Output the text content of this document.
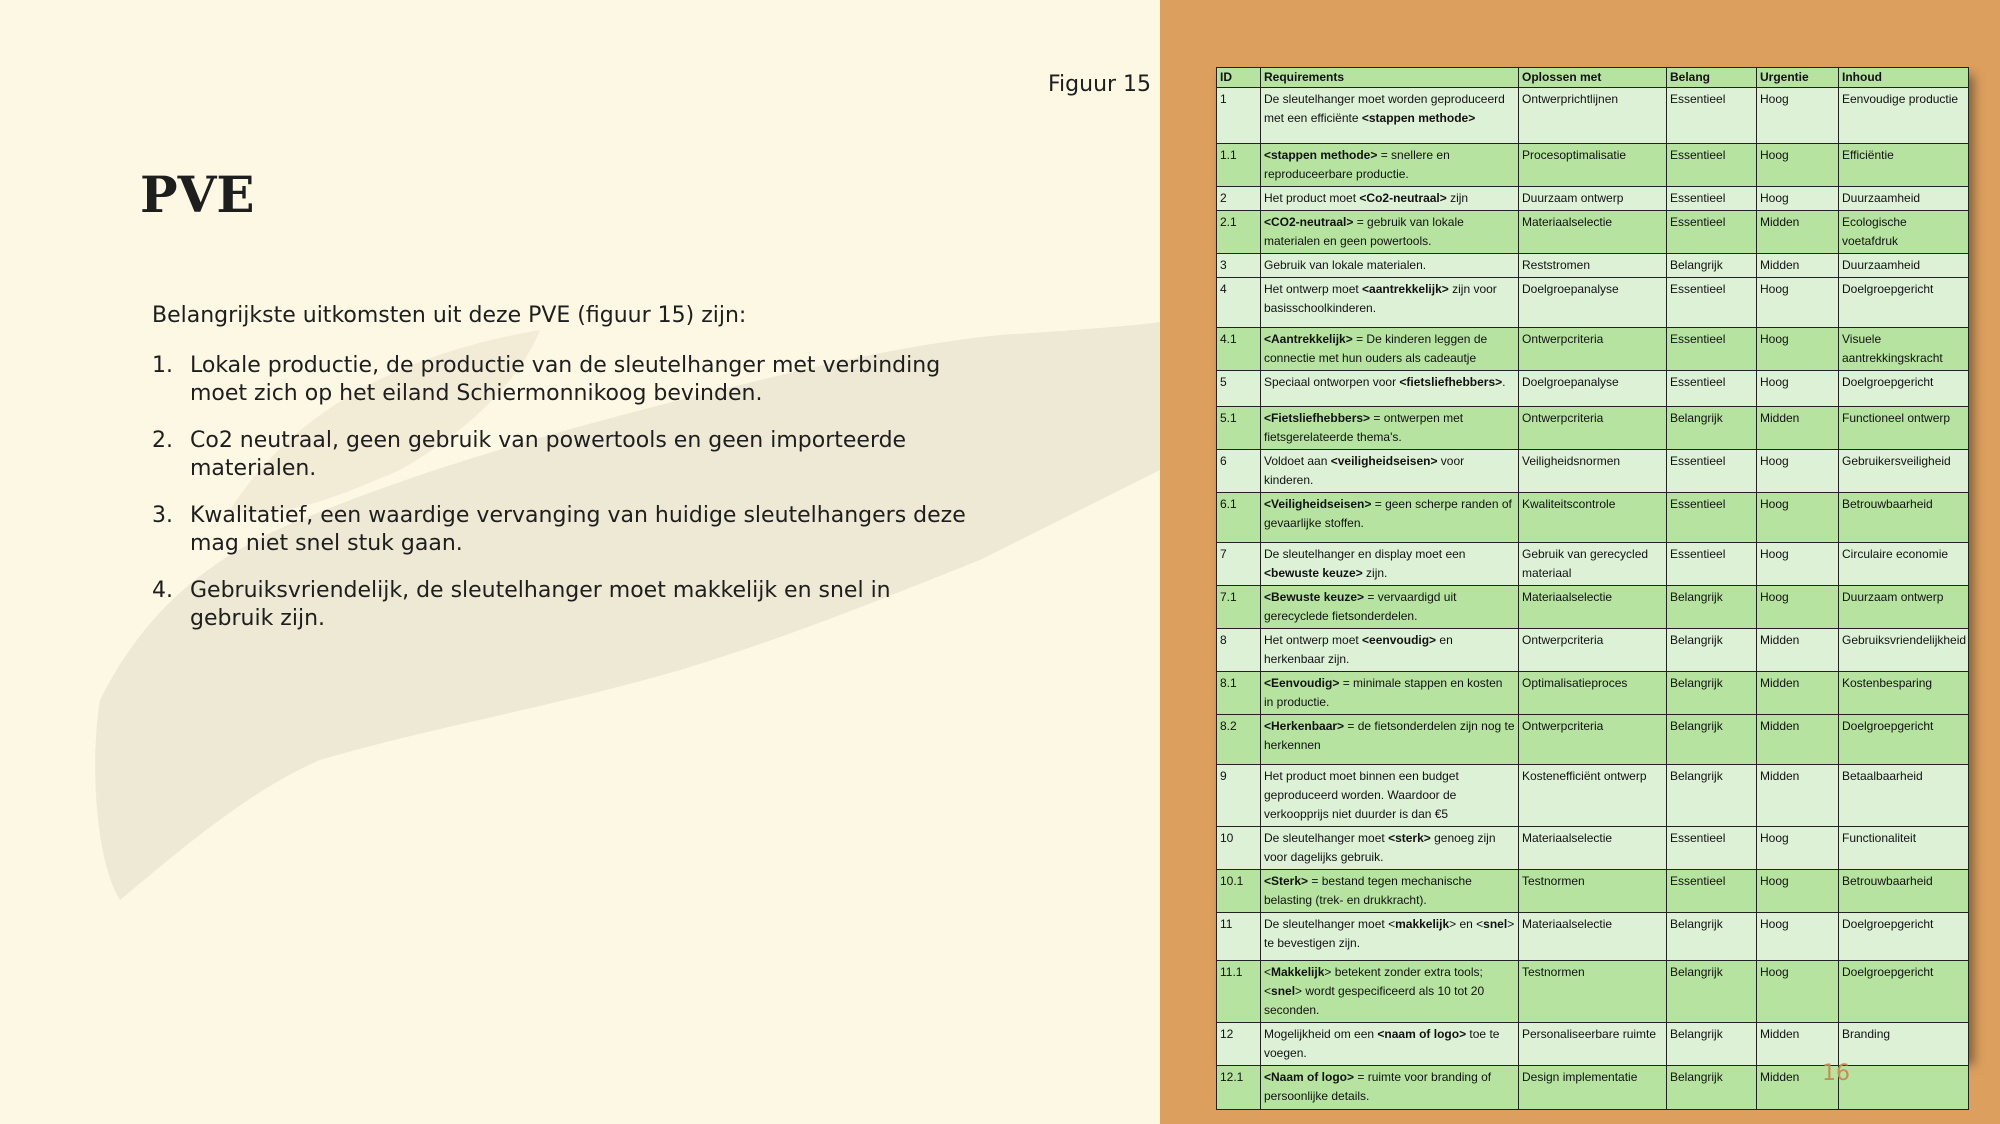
PVE

Belangrijkste uitkomsten uit deze PVE (figuur 15) zijn:

1. Lokale productie, de productie van de sleutelhanger met verbinding moet zich op het eiland Schiermonnikoog bevinden.
2. Co2 neutraal, geen gebruik van powertools en geen importeerde materialen.
3. Kwalitatief, een waardige vervanging van huidige sleutelhangers deze mag niet snel stuk gaan.
4. Gebruiksvriendelijk, de sleutelhanger moet makkelijk en snel in gebruik zijn.
Figuur 15	ID	Requirements	Oplossen met	Belang	Urgentie	Inhoud
1	De sleutelhanger moet worden geproduceerd met een efficiënte <stappen methode>	Ontwerprichtlijnen	Essentieel	Hoog	Eenvoudige productie
1.1	<stappen methode> = snellere en reproduceerbare productie.	Procesoptimalisatie	Essentieel	Hoog	Efficiëntie
2	Het product moet <Co2-neutraal> zijn	Duurzaam ontwerp	Essentieel	Hoog	Duurzaamheid
2.1	<CO2-neutraal> = gebruik van lokale materialen en geen powertools.	Materiaalselectie	Essentieel	Midden	Ecologische voetafdruk
3	Gebruik van lokale materialen.	Reststromen	Belangrijk	Midden	Duurzaamheid
4	Het ontwerp moet <aantrekkelijk> zijn voor basisschoolkinderen.	Doelgroepanalyse	Essentieel	Hoog	Doelgroepgericht
4.1	<Aantrekkelijk> = De kinderen leggen de connectie met hun ouders als cadeautje	Ontwerpcriteria	Essentieel	Hoog	Visuele aantrekkingskracht
5	Speciaal ontworpen voor <fietsliefhebbers>.	Doelgroepanalyse	Essentieel	Hoog	Doelgroepgericht
5.1	<Fietsliefhebbers> = ontwerpen met fietsgerelateerde thema's.	Ontwerpcriteria	Belangrijk	Midden	Functioneel ontwerp
6	Voldoet aan <veiligheidseisen> voor kinderen.	Veiligheidsnormen	Essentieel	Hoog	Gebruikersveiligheid
6.1	<Veiligheidseisen> = geen scherpe randen of gevaarlijke stoffen.	Kwaliteitscontrole	Essentieel	Hoog	Betrouwbaarheid
7	De sleutelhanger en display moet een <bewuste keuze> zijn.	Gebruik van gerecycled materiaal	Essentieel	Hoog	Circulaire economie
7.1	<Bewuste keuze> = vervaardigd uit gerecyclede fietsonderdelen.	Materiaalselectie	Belangrijk	Hoog	Duurzaam ontwerp
8	Het ontwerp moet <eenvoudig> en herkenbaar zijn.	Ontwerpcriteria	Belangrijk	Midden	Gebruiksvriendelijkheid
8.1	<Eenvoudig> = minimale stappen en kosten in productie.	Optimalisatieproces	Belangrijk	Midden	Kostenbesparing
8.2	<Herkenbaar> = de fietsonderdelen zijn nog te herkennen	Ontwerpcriteria	Belangrijk	Midden	Doelgroepgericht
9	Het product moet binnen een budget geproduceerd worden. Waardoor de verkoopprijs niet duurder is dan €5	Kostenefficiënt ontwerp	Belangrijk	Midden	Betaalbaarheid
10	De sleutelhanger moet <sterk> genoeg zijn voor dagelijks gebruik.	Materiaalselectie	Essentieel	Hoog	Functionaliteit
10.1	<Sterk> = bestand tegen mechanische belasting (trek- en drukkracht).	Testnormen	Essentieel	Hoog	Betrouwbaarheid
11	De sleutelhanger moet <makkelijk> en <snel> te bevestigen zijn.	Materiaalselectie	Belangrijk	Hoog	Doelgroepgericht
11.1	<Makkelijk> betekent zonder extra tools; <snel> wordt gespecificeerd als 10 tot 20 seconden.	Testnormen	Belangrijk	Hoog	Doelgroepgericht
12	Mogelijkheid om een <naam of logo> toe te voegen.	Personaliseerbare ruimte	Belangrijk	Midden	Branding
12.1	<Naam of logo> = ruimte voor branding of persoonlijke details.	Design implementatie	Belangrijk	Midden	16
